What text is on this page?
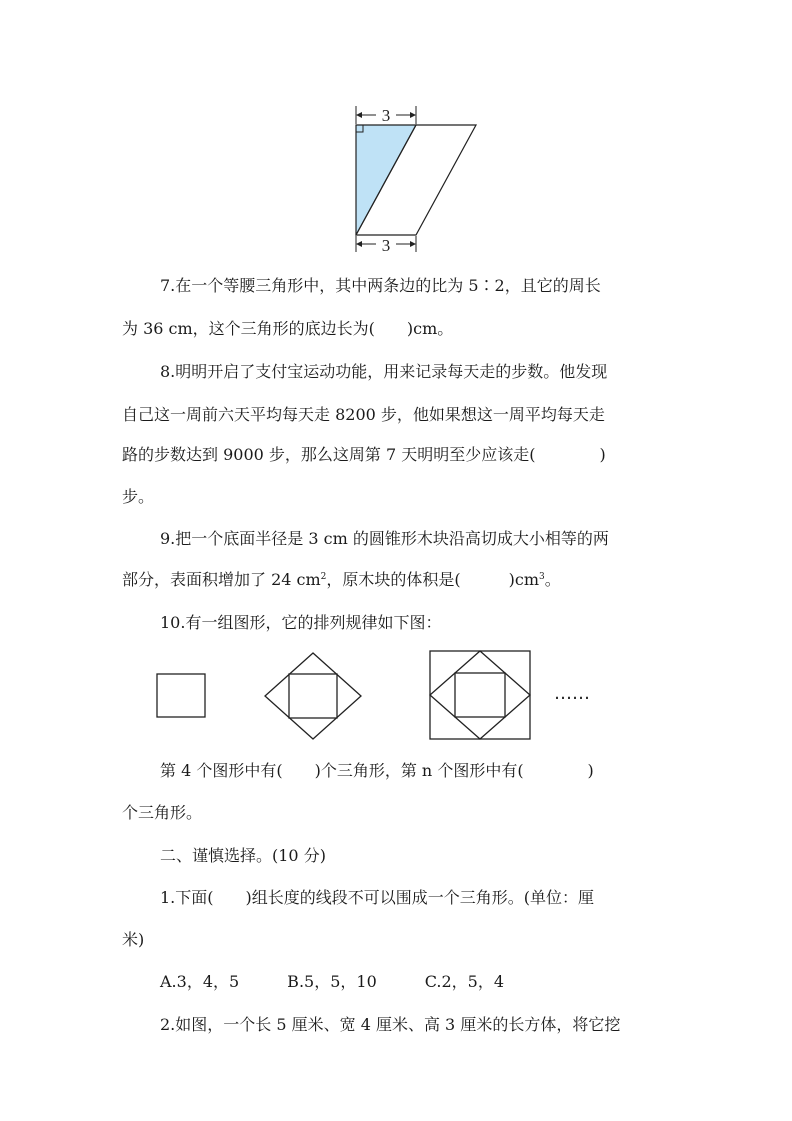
3
3
7.在一个等腰三角形中，其中两条边的比为 5∶2，且它的周长
为 36 cm，这个三角形的底边长为(　　)cm。
8.明明开启了支付宝运动功能，用来记录每天走的步数。他发现
自己这一周前六天平均每天走 8200 步，他如果想这一周平均每天走
路的步数达到 9000 步，那么这周第 7 天明明至少应该走(　　　　)
步。
9.把一个底面半径是 3 cm 的圆锥形木块沿高切成大小相等的两
部分，表面积增加了 24 $cm^2$，原木块的体积是(　　　)$cm^3$。
10.有一组图形，它的排列规律如下图：
……
第 4 个图形中有(　　)个三角形，第 n 个图形中有(　　　　)
个三角形。
二、谨慎选择。(10 分)
1.下面(　　)组长度的线段不可以围成一个三角形。(单位：厘
米)
A.3，4，5　　　B.5，5，10　　　C.2，5，4
2.如图，一个长 5 厘米、宽 4 厘米、高 3 厘米的长方体，将它挖
